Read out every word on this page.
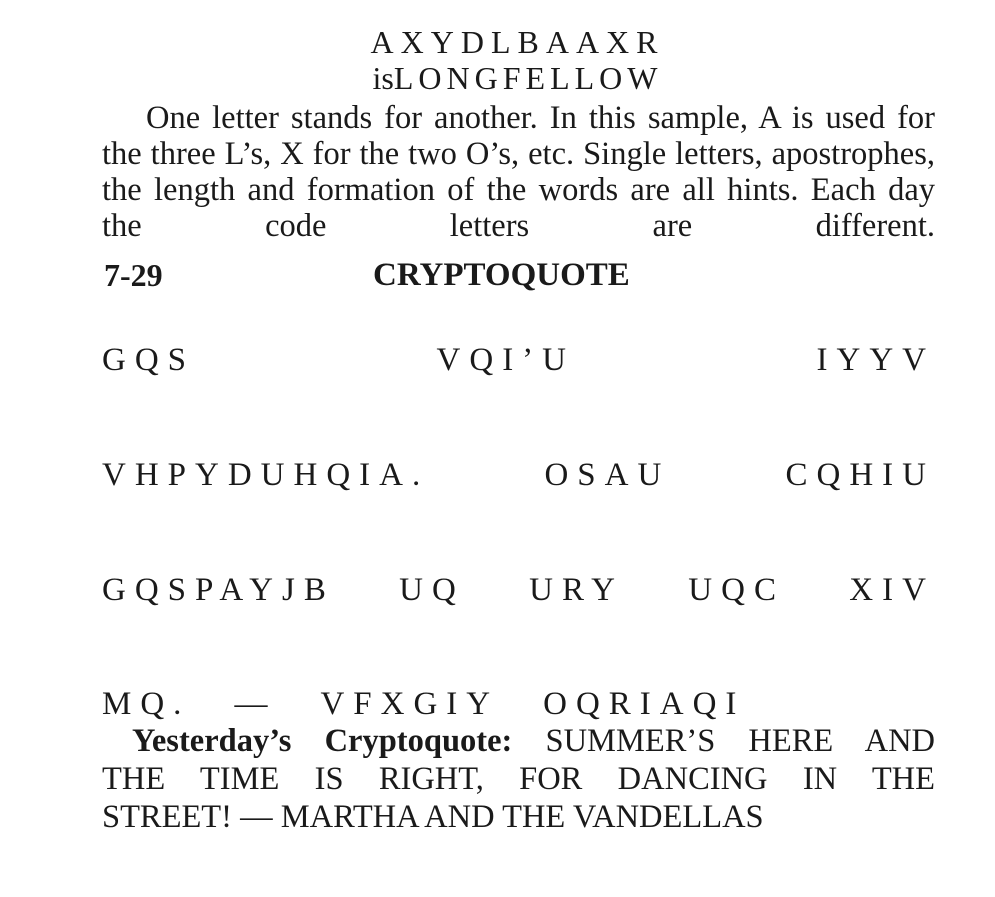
AXYDLBAAXR
isLONGFELLOW
One letter stands for another. In this sample, A is used for the three L’s, X for the two O’s, etc. Single letters, apostrophes, the length and formation of the words are all hints. Each day the code letters are different.
7-29	CRYPTOQUOTE
GQS	VQI’U	IYYV
VHPYDUHQIA.	OSAU	CQHIU
GQSPAYJB UQ URY UQC XIV
MQ. — VFXGIY OQRIAQI
Yesterday’s Cryptoquote: SUMMER’S HERE AND
THE TIME IS RIGHT, FOR DANCING IN THE
STREET! — MARTHA AND THE VANDELLAS
